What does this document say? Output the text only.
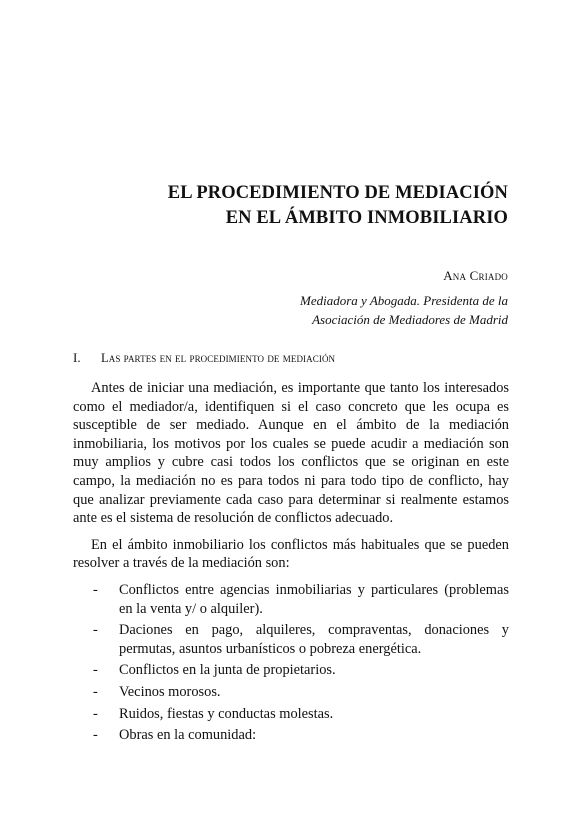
EL PROCEDIMIENTO DE MEDIACIÓN
EN EL ÁMBITO INMOBILIARIO
Ana Criado
Mediadora y Abogada. Presidenta de la
Asociación de Mediadores de Madrid
I. Las partes en el procedimiento de mediación

Antes de iniciar una mediación, es importante que tanto los interesados como el mediador/a, identifiquen si el caso concreto que les ocupa es susceptible de ser mediado. Aunque en el ámbito de la mediación inmobiliaria, los motivos por los cuales se puede acudir a mediación son muy amplios y cubre casi todos los conflictos que se originan en este campo, la mediación no es para todos ni para todo tipo de conflicto, hay que analizar previamente cada caso para determinar si realmente estamos ante es el sistema de resolución de conflictos adecuado.

En el ámbito inmobiliario los conflictos más habituales que se pueden resolver a través de la mediación son:

- Conflictos entre agencias inmobiliarias y particulares (problemas en la venta y/ o alquiler).
- Daciones en pago, alquileres, compraventas, donaciones y permutas, asuntos urbanísticos o pobreza energética.
- Conflictos en la junta de propietarios.
- Vecinos morosos.
- Ruidos, fiestas y conductas molestas.
- Obras en la comunidad:
